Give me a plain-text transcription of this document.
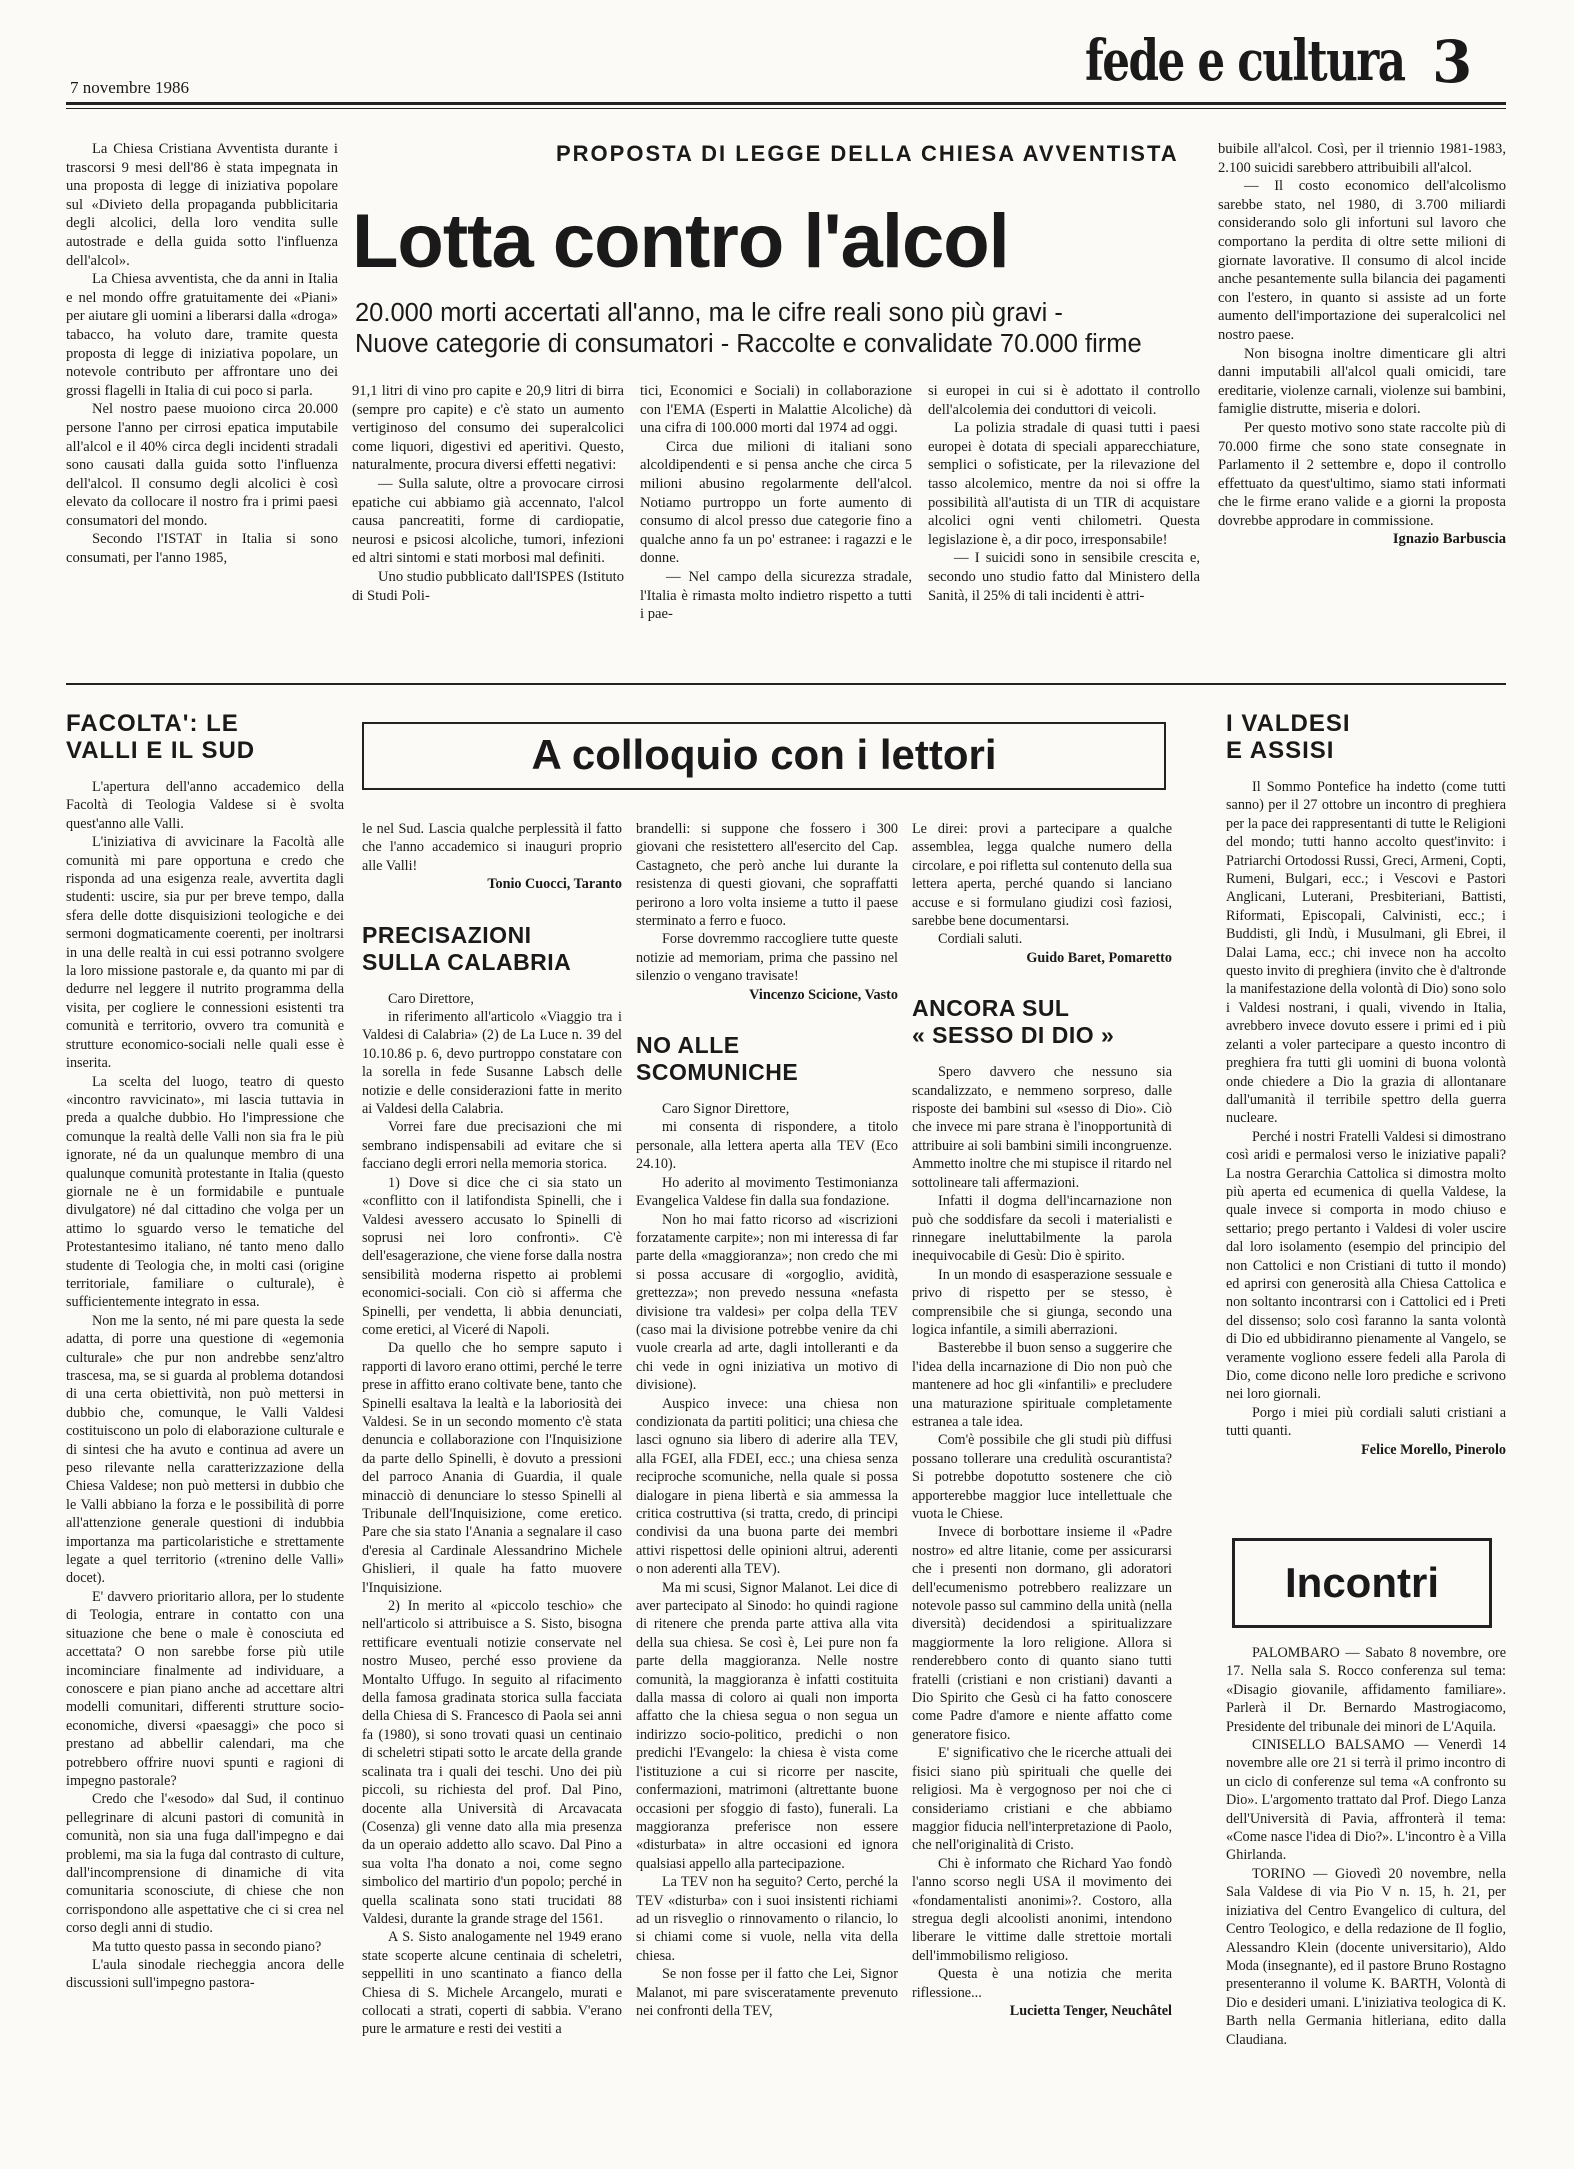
7 novembre 1986	fede e cultura 3

La Chiesa Cristiana Avventista durante i trascorsi 9 mesi dell'86 è stata impegnata in una proposta di legge di iniziativa popolare sul «Divieto della propaganda pubblicitaria degli alcolici, della loro vendita sulle autostrade e della guida sotto l'influenza dell'alcol».

La Chiesa avventista, che da anni in Italia e nel mondo offre gratuitamente dei «Piani» per aiutare gli uomini a liberarsi dalla «droga» tabacco, ha voluto dare, tramite questa proposta di legge di iniziativa popolare, un notevole contributo per affrontare uno dei grossi flagelli in Italia di cui poco si parla.

Nel nostro paese muoiono circa 20.000 persone l'anno per cirrosi epatica imputabile all'alcol e il 40% circa degli incidenti stradali sono causati dalla guida sotto l'influenza dell'alcol. Il consumo degli alcolici è così elevato da collocare il nostro fra i primi paesi consumatori del mondo.

Secondo l'ISTAT in Italia si sono consumati, per l'anno 1985,

PROPOSTA DI LEGGE DELLA CHIESA AVVENTISTA
Lotta contro l'alcol
20.000 morti accertati all'anno, ma le cifre reali sono più gravi -
Nuove categorie di consumatori - Raccolte e convalidate 70.000 firme

91,1 litri di vino pro capite e 20,9 litri di birra (sempre pro capite) e c'è stato un aumento vertiginoso del consumo dei superalcolici come liquori, digestivi ed aperitivi. Questo, naturalmente, procura diversi effetti negativi:

— Sulla salute, oltre a provocare cirrosi epatiche cui abbiamo già accennato, l'alcol causa pancreatiti, forme di cardiopatie, neurosi e psicosi alcoliche, tumori, infezioni ed altri sintomi e stati morbosi mal definiti.

Uno studio pubblicato dall'ISPES (Istituto di Studi Poli-

tici, Economici e Sociali) in collaborazione con l'EMA (Esperti in Malattie Alcoliche) dà una cifra di 100.000 morti dal 1974 ad oggi.

Circa due milioni di italiani sono alcoldipendenti e si pensa anche che circa 5 milioni abusino regolarmente dell'alcol. Notiamo purtroppo un forte aumento di consumo di alcol presso due categorie fino a qualche anno fa un po' estranee: i ragazzi e le donne.

— Nel campo della sicurezza stradale, l'Italia è rimasta molto indietro rispetto a tutti i pae-

si europei in cui si è adottato il controllo dell'alcolemia dei conduttori di veicoli.

La polizia stradale di quasi tutti i paesi europei è dotata di speciali apparecchiature, semplici o sofisticate, per la rilevazione del tasso alcolemico, mentre da noi si offre la possibilità all'autista di un TIR di acquistare alcolici ogni venti chilometri. Questa legislazione è, a dir poco, irresponsabile!

— I suicidi sono in sensibile crescita e, secondo uno studio fatto dal Ministero della Sanità, il 25% di tali incidenti è attri-

buibile all'alcol. Così, per il triennio 1981-1983, 2.100 suicidi sarebbero attribuibili all'alcol.

— Il costo economico dell'alcolismo sarebbe stato, nel 1980, di 3.700 miliardi considerando solo gli infortuni sul lavoro che comportano la perdita di oltre sette milioni di giornate lavorative. Il consumo di alcol incide anche pesantemente sulla bilancia dei pagamenti con l'estero, in quanto si assiste ad un forte aumento dell'importazione dei superalcolici nel nostro paese.

Non bisogna inoltre dimenticare gli altri danni imputabili all'alcol quali omicidi, tare ereditarie, violenze carnali, violenze sui bambini, famiglie distrutte, miseria e dolori.

Per questo motivo sono state raccolte più di 70.000 firme che sono state consegnate in Parlamento il 2 settembre e, dopo il controllo effettuato da quest'ultimo, siamo stati informati che le firme erano valide e a giorni la proposta dovrebbe approdare in commissione.

Ignazio Barbuscia

FACOLTA': LE
VALLI E IL SUD

L'apertura dell'anno accademico della Facoltà di Teologia Valdese si è svolta quest'anno alle Valli.

L'iniziativa di avvicinare la Facoltà alle comunità mi pare opportuna e credo che risponda ad una esigenza reale, avvertita dagli studenti: uscire, sia pur per breve tempo, dalla sfera delle dotte disquisizioni teologiche e dei sermoni dogmaticamente coerenti, per inoltrarsi in una delle realtà in cui essi potranno svolgere la loro missione pastorale e, da quanto mi par di dedurre nel leggere il nutrito programma della visita, per cogliere le connessioni esistenti tra comunità e territorio, ovvero tra comunità e strutture economico-sociali nelle quali esse è inserita.

La scelta del luogo, teatro di questo «incontro ravvicinato», mi lascia tuttavia in preda a qualche dubbio. Ho l'impressione che comunque la realtà delle Valli non sia fra le più ignorate, né da un qualunque membro di una qualunque comunità protestante in Italia (questo giornale ne è un formidabile e puntuale divulgatore) né dal cittadino che volga per un attimo lo sguardo verso le tematiche del Protestantesimo italiano, né tanto meno dallo studente di Teologia che, in molti casi (origine territoriale, familiare o culturale), è sufficientemente integrato in essa.

Non me la sento, né mi pare questa la sede adatta, di porre una questione di «egemonia culturale» che pur non andrebbe senz'altro trascesa, ma, se si guarda al problema dotandosi di una certa obiettività, non può mettersi in dubbio che, comunque, le Valli Valdesi costituiscono un polo di elaborazione culturale e di sintesi che ha avuto e continua ad avere un peso rilevante nella caratterizzazione della Chiesa Valdese; non può mettersi in dubbio che le Valli abbiano la forza e le possibilità di porre all'attenzione generale questioni di indubbia importanza ma particolaristiche e strettamente legate a quel territorio («trenino delle Valli» docet).

E' davvero prioritario allora, per lo studente di Teologia, entrare in contatto con una situazione che bene o male è conosciuta ed accettata? O non sarebbe forse più utile incominciare finalmente ad individuare, a conoscere e pian piano anche ad accettare altri modelli comunitari, differenti strutture socio-economiche, diversi «paesaggi» che poco si prestano ad abbellir calendari, ma che potrebbero offrire nuovi spunti e ragioni di impegno pastorale?

Credo che l'«esodo» dal Sud, il continuo pellegrinare di alcuni pastori di comunità in comunità, non sia una fuga dall'impegno e dai problemi, ma sia la fuga dal contrasto di culture, dall'incomprensione di dinamiche di vita comunitaria sconosciute, di chiese che non corrispondono alle aspettative che ci si crea nel corso degli anni di studio.

Ma tutto questo passa in secondo piano?

L'aula sinodale riecheggia ancora delle discussioni sull'impegno pastora-

A colloquio con i lettori

le nel Sud. Lascia qualche perplessità il fatto che l'anno accademico si inauguri proprio alle Valli!

Tonio Cuocci, Taranto

PRECISAZIONI
SULLA CALABRIA

Caro Direttore,

in riferimento all'articolo «Viaggio tra i Valdesi di Calabria» (2) de La Luce n. 39 del 10.10.86 p. 6, devo purtroppo constatare con la sorella in fede Susanne Labsch delle notizie e delle considerazioni fatte in merito ai Valdesi della Calabria.

Vorrei fare due precisazioni che mi sembrano indispensabili ad evitare che si facciano degli errori nella memoria storica.

1) Dove si dice che ci sia stato un «conflitto con il latifondista Spinelli, che i Valdesi avessero accusato lo Spinelli di soprusi nei loro confronti». C'è dell'esagerazione, che viene forse dalla nostra sensibilità moderna rispetto ai problemi economici-sociali. Con ciò si afferma che Spinelli, per vendetta, li abbia denunciati, come eretici, al Viceré di Napoli.

Da quello che ho sempre saputo i rapporti di lavoro erano ottimi, perché le terre prese in affitto erano coltivate bene, tanto che Spinelli esaltava la lealtà e la laboriosità dei Valdesi. Se in un secondo momento c'è stata denuncia e collaborazione con l'Inquisizione da parte dello Spinelli, è dovuto a pressioni del parroco Anania di Guardia, il quale minacciò di denunciare lo stesso Spinelli al Tribunale dell'Inquisizione, come eretico. Pare che sia stato l'Anania a segnalare il caso d'eresia al Cardinale Alessandrino Michele Ghislieri, il quale ha fatto muovere l'Inquisizione.

2) In merito al «piccolo teschio» che nell'articolo si attribuisce a S. Sisto, bisogna rettificare eventuali notizie conservate nel nostro Museo, perché esso proviene da Montalto Uffugo. In seguito al rifacimento della famosa gradinata storica sulla facciata della Chiesa di S. Francesco di Paola sei anni fa (1980), si sono trovati quasi un centinaio di scheletri stipati sotto le arcate della grande scalinata tra i quali dei teschi. Uno dei più piccoli, su richiesta del prof. Dal Pino, docente alla Università di Arcavacata (Cosenza) gli venne dato alla mia presenza da un operaio addetto allo scavo. Dal Pino a sua volta l'ha donato a noi, come segno simbolico del martirio d'un popolo; perché in quella scalinata sono stati trucidati 88 Valdesi, durante la grande strage del 1561.

A S. Sisto analogamente nel 1949 erano state scoperte alcune centinaia di scheletri, seppelliti in uno scantinato a fianco della Chiesa di S. Michele Arcangelo, murati e collocati a strati, coperti di sabbia. V'erano pure le armature e resti dei vestiti a

brandelli: si suppone che fossero i 300 giovani che resistettero all'esercito del Cap. Castagneto, che però anche lui durante la resistenza di questi giovani, che sopraffatti perirono a loro volta insieme a tutto il paese sterminato a ferro e fuoco.

Forse dovremmo raccogliere tutte queste notizie ad memoriam, prima che passino nel silenzio o vengano travisate!

Vincenzo Scicione, Vasto

NO ALLE
SCOMUNICHE

Caro Signor Direttore,

mi consenta di rispondere, a titolo personale, alla lettera aperta alla TEV (Eco 24.10).

Ho aderito al movimento Testimonianza Evangelica Valdese fin dalla sua fondazione.

Non ho mai fatto ricorso ad «iscrizioni forzatamente carpite»; non mi interessa di far parte della «maggioranza»; non credo che mi si possa accusare di «orgoglio, avidità, grettezza»; non prevedo nessuna «nefasta divisione tra valdesi» per colpa della TEV (caso mai la divisione potrebbe venire da chi vuole crearla ad arte, dagli intolleranti e da chi vede in ogni iniziativa un motivo di divisione).

Auspico invece: una chiesa non condizionata da partiti politici; una chiesa che lasci ognuno sia libero di aderire alla TEV, alla FGEI, alla FDEI, ecc.; una chiesa senza reciproche scomuniche, nella quale si possa dialogare in piena libertà e sia ammessa la critica costruttiva (si tratta, credo, di principi condivisi da una buona parte dei membri attivi rispettosi delle opinioni altrui, aderenti o non aderenti alla TEV).

Ma mi scusi, Signor Malanot. Lei dice di aver partecipato al Sinodo: ho quindi ragione di ritenere che prenda parte attiva alla vita della sua chiesa. Se così è, Lei pure non fa parte della maggioranza. Nelle nostre comunità, la maggioranza è infatti costituita dalla massa di coloro ai quali non importa affatto che la chiesa segua o non segua un indirizzo socio-politico, predichi o non predichi l'Evangelo: la chiesa è vista come l'istituzione a cui si ricorre per nascite, confermazioni, matrimoni (altrettante buone occasioni per sfoggio di fasto), funerali. La maggioranza preferisce non essere «disturbata» in altre occasioni ed ignora qualsiasi appello alla partecipazione.

La TEV non ha seguito? Certo, perché la TEV «disturba» con i suoi insistenti richiami ad un risveglio o rinnovamento o rilancio, lo si chiami come si vuole, nella vita della chiesa.

Se non fosse per il fatto che Lei, Signor Malanot, mi pare svisceratamente prevenuto nei confronti della TEV,

Le direi: provi a partecipare a qualche assemblea, legga qualche numero della circolare, e poi rifletta sul contenuto della sua lettera aperta, perché quando si lanciano accuse e si formulano giudizi così faziosi, sarebbe bene documentarsi.

Cordiali saluti.

Guido Baret, Pomaretto

ANCORA SUL
« SESSO DI DIO »

Spero davvero che nessuno sia scandalizzato, e nemmeno sorpreso, dalle risposte dei bambini sul «sesso di Dio». Ciò che invece mi pare strana è l'inopportunità di attribuire ai soli bambini simili incongruenze. Ammetto inoltre che mi stupisce il ritardo nel sottolineare tali affermazioni.

Infatti il dogma dell'incarnazione non può che soddisfare da secoli i materialisti e rinnegare ineluttabilmente la parola inequivocabile di Gesù: Dio è spirito.

In un mondo di esasperazione sessuale e privo di rispetto per se stesso, è comprensibile che si giunga, secondo una logica infantile, a simili aberrazioni.

Basterebbe il buon senso a suggerire che l'idea della incarnazione di Dio non può che mantenere ad hoc gli «infantili» e precludere una maturazione spirituale completamente estranea a tale idea.

Com'è possibile che gli studi più diffusi possano tollerare una credulità oscurantista? Si potrebbe dopotutto sostenere che ciò apporterebbe maggior luce intellettuale che vuota le Chiese.

Invece di borbottare insieme il «Padre nostro» ed altre litanie, come per assicurarsi che i presenti non dormano, gli adoratori dell'ecumenismo potrebbero realizzare un notevole passo sul cammino della unità (nella diversità) decidendosi a spiritualizzare maggiormente la loro religione. Allora si renderebbero conto di quanto siano tutti fratelli (cristiani e non cristiani) davanti a Dio Spirito che Gesù ci ha fatto conoscere come Padre d'amore e niente affatto come generatore fisico.

E' significativo che le ricerche attuali dei fisici siano più spirituali che quelle dei religiosi. Ma è vergognoso per noi che ci consideriamo cristiani e che abbiamo maggior fiducia nell'interpretazione di Paolo, che nell'originalità di Cristo.

Chi è informato che Richard Yao fondò l'anno scorso negli USA il movimento dei «fondamentalisti anonimi»?. Costoro, alla stregua degli alcoolisti anonimi, intendono liberare le vittime dalle strettoie mortali dell'immobilismo religioso.

Questa è una notizia che merita riflessione...

Lucietta Tenger, Neuchâtel

I VALDESI
E ASSISI

Il Sommo Pontefice ha indetto (come tutti sanno) per il 27 ottobre un incontro di preghiera per la pace dei rappresentanti di tutte le Religioni del mondo; tutti hanno accolto quest'invito: i Patriarchi Ortodossi Russi, Greci, Armeni, Copti, Rumeni, Bulgari, ecc.; i Vescovi e Pastori Anglicani, Luterani, Presbiteriani, Battisti, Riformati, Episcopali, Calvinisti, ecc.; i Buddisti, gli Indù, i Musulmani, gli Ebrei, il Dalai Lama, ecc.; chi invece non ha accolto questo invito di preghiera (invito che è d'altronde la manifestazione della volontà di Dio) sono solo i Valdesi nostrani, i quali, vivendo in Italia, avrebbero invece dovuto essere i primi ed i più zelanti a voler partecipare a questo incontro di preghiera fra tutti gli uomini di buona volontà onde chiedere a Dio la grazia di allontanare dall'umanità il terribile spettro della guerra nucleare.

Perché i nostri Fratelli Valdesi si dimostrano così aridi e permalosi verso le iniziative papali? La nostra Gerarchia Cattolica si dimostra molto più aperta ed ecumenica di quella Valdese, la quale invece si comporta in modo chiuso e settario; prego pertanto i Valdesi di voler uscire dal loro isolamento (esempio del principio del non Cattolici e non Cristiani di tutto il mondo) ed aprirsi con generosità alla Chiesa Cattolica e non soltanto incontrarsi con i Cattolici ed i Preti del dissenso; solo così faranno la santa volontà di Dio ed ubbidiranno pienamente al Vangelo, se veramente vogliono essere fedeli alla Parola di Dio, come dicono nelle loro prediche e scrivono nei loro giornali.

Porgo i miei più cordiali saluti cristiani a tutti quanti.

Felice Morello, Pinerolo

Incontri

PALOMBARO — Sabato 8 novembre, ore 17. Nella sala S. Rocco conferenza sul tema: «Disagio giovanile, affidamento familiare». Parlerà il Dr. Bernardo Mastrogiacomo, Presidente del tribunale dei minori de L'Aquila.

CINISELLO BALSAMO — Venerdì 14 novembre alle ore 21 si terrà il primo incontro di un ciclo di conferenze sul tema «A confronto su Dio». L'argomento trattato dal Prof. Diego Lanza dell'Università di Pavia, affronterà il tema: «Come nasce l'idea di Dio?». L'incontro è a Villa Ghirlanda.

TORINO — Giovedì 20 novembre, nella Sala Valdese di via Pio V n. 15, h. 21, per iniziativa del Centro Evangelico di cultura, del Centro Teologico, e della redazione de Il foglio, Alessandro Klein (docente universitario), Aldo Moda (insegnante), ed il pastore Bruno Rostagno presenteranno il volume K. BARTH, Volontà di Dio e desideri umani. L'iniziativa teologica di K. Barth nella Germania hitleriana, edito dalla Claudiana.
